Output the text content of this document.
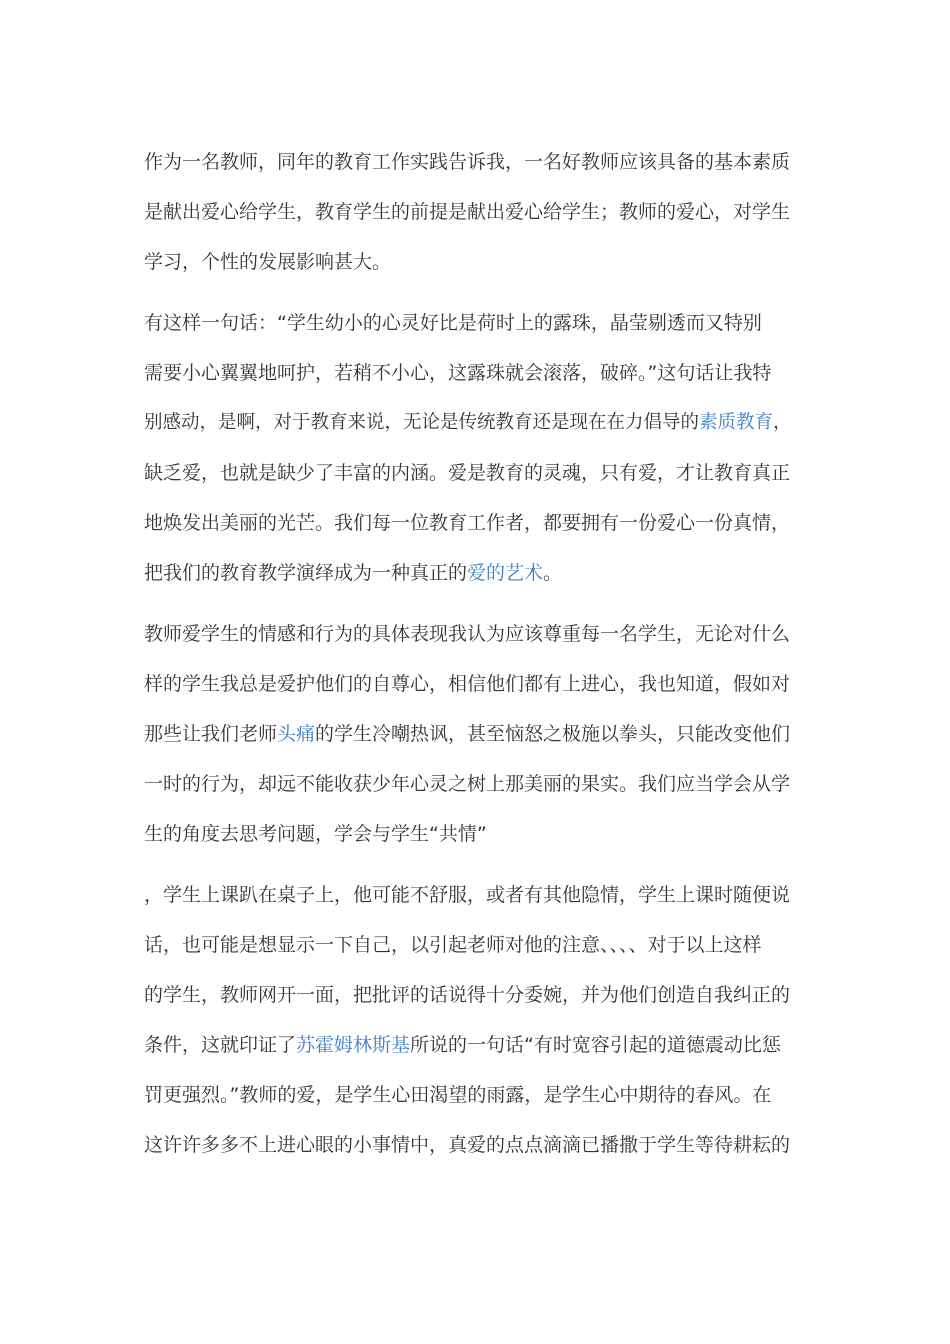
作为一名教师，同年的教育工作实践告诉我，一名好教师应该具备的基本素质
是献出爱心给学生，教育学生的前提是献出爱心给学生；教师的爱心，对学生
学习，个性的发展影响甚大。
有这样一句话：“学生幼小的心灵好比是荷时上的露珠，晶莹剔透而又特别
需要小心翼翼地呵护，若稍不小心，这露珠就会滚落，破碎。”这句话让我特
别感动，是啊，对于教育来说，无论是传统教育还是现在在力倡导的素质教育，
缺乏爱，也就是缺少了丰富的内涵。爱是教育的灵魂，只有爱，才让教育真正
地焕发出美丽的光芒。我们每一位教育工作者，都要拥有一份爱心一份真情，
把我们的教育教学演绎成为一种真正的爱的艺术。
教师爱学生的情感和行为的具体表现我认为应该尊重每一名学生，无论对什么
样的学生我总是爱护他们的自尊心，相信他们都有上进心，我也知道，假如对
那些让我们老师头痛的学生冷嘲热讽，甚至恼怒之极施以拳头，只能改变他们
一时的行为，却远不能收获少年心灵之树上那美丽的果实。我们应当学会从学
生的角度去思考问题，学会与学生“共情”
，学生上课趴在桌子上，他可能不舒服，或者有其他隐情，学生上课时随便说
话，也可能是想显示一下自己，以引起老师对他的注意、、、、对于以上这样
的学生，教师网开一面，把批评的话说得十分委婉，并为他们创造自我纠正的
条件，这就印证了苏霍姆林斯基所说的一句话“有时宽容引起的道德震动比惩
罚更强烈。”教师的爱，是学生心田渴望的雨露，是学生心中期待的春风。在
这许许多多不上进心眼的小事情中，真爱的点点滴滴已播撒于学生等待耕耘的
